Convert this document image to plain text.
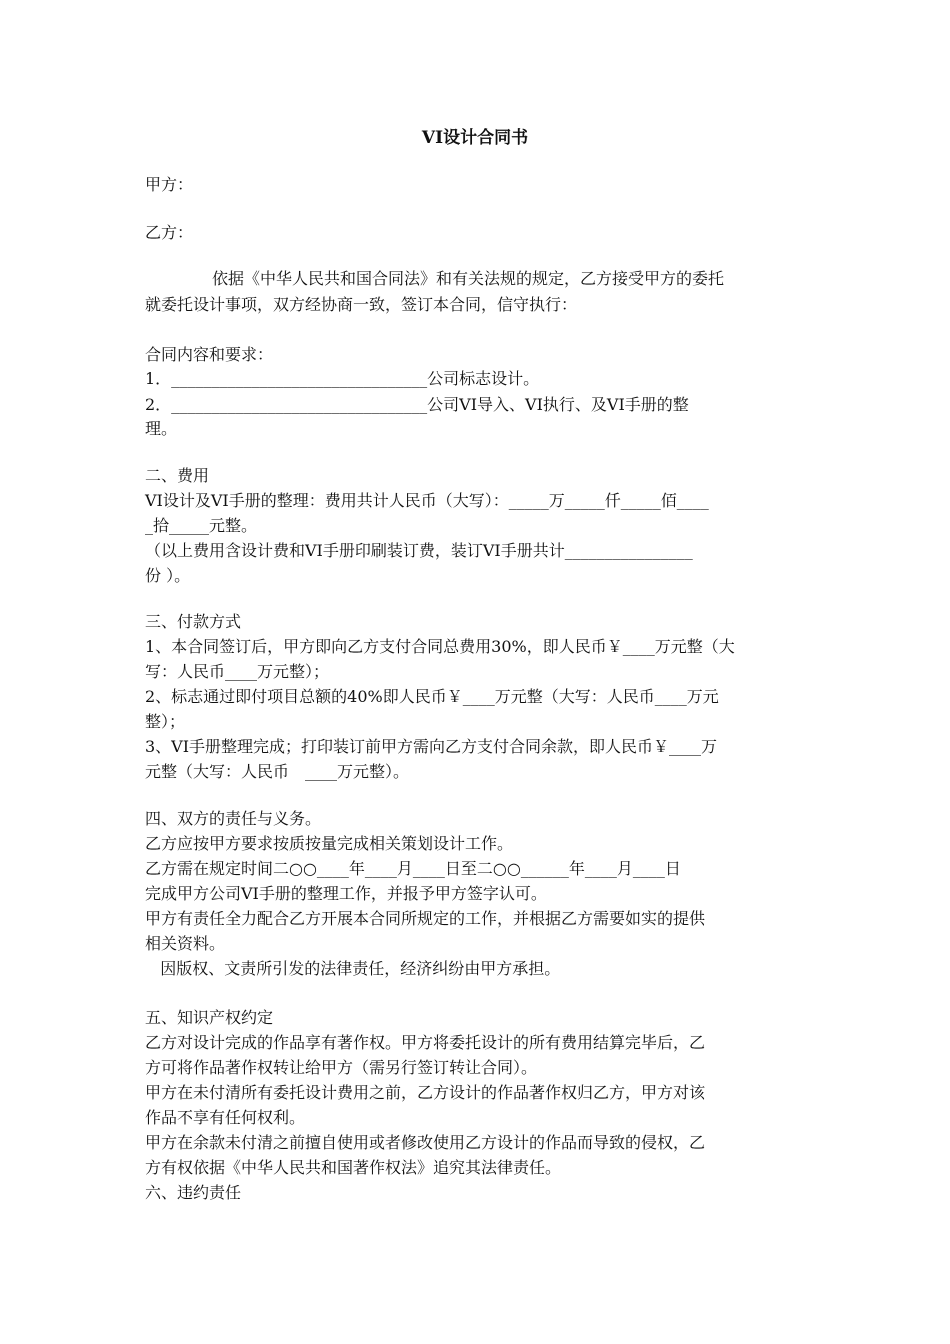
VI设计合同书
甲方：
乙方：
依据《中华人民共和国合同法》和有关法规的规定，乙方接受甲方的委托
就委托设计事项，双方经协商一致，签订本合同，信守执行：
合同内容和要求：
1．________________________________公司标志设计。
2．________________________________公司VI导入、VI执行、及VI手册的整
理。
二、费用
VI设计及VI手册的整理：费用共计人民币（大写）：_____万_____仟_____佰____
_拾_____元整。
（以上费用含设计费和VI手册印刷装订费，装订VI手册共计________________
份 ）。
三、付款方式
1、本合同签订后，甲方即向乙方支付合同总费用30%，即人民币￥____万元整（大
写：人民币____万元整）；
2、标志通过即付项目总额的40%即人民币￥____万元整（大写：人民币____万元
整）；
3、VI手册整理完成；打印装订前甲方需向乙方支付合同余款，即人民币￥____万
元整（大写：人民币　____万元整）。
四、双方的责任与义务。
乙方应按甲方要求按质按量完成相关策划设计工作。
乙方需在规定时间二○○____年____月____日至二○○______年____月____日
完成甲方公司VI手册的整理工作，并报予甲方签字认可。
甲方有责任全力配合乙方开展本合同所规定的工作，并根据乙方需要如实的提供
相关资料。
因版权、文责所引发的法律责任，经济纠纷由甲方承担。
五、知识产权约定
乙方对设计完成的作品享有著作权。甲方将委托设计的所有费用结算完毕后，乙
方可将作品著作权转让给甲方（需另行签订转让合同）。
甲方在未付清所有委托设计费用之前，乙方设计的作品著作权归乙方，甲方对该
作品不享有任何权利。
甲方在余款未付清之前擅自使用或者修改使用乙方设计的作品而导致的侵权，乙
方有权依据《中华人民共和国著作权法》追究其法律责任。
六、违约责任
